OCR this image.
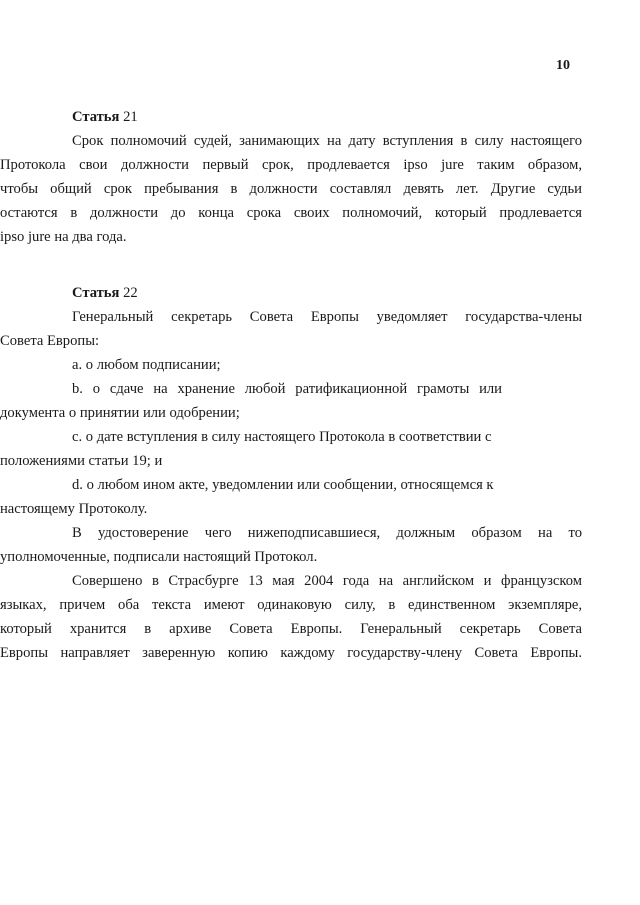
10
Статья 21
Срок полномочий судей, занимающих на дату вступления в силу настоящего
Протокола свои должности первый срок, продлевается ipso jure таким образом,
чтобы общий срок пребывания в должности составлял девять лет. Другие судьи
остаются в должности до конца срока своих полномочий, который продлевается
ipso jure на два года.
Статья 22
Генеральный секретарь Совета Европы уведомляет государства-члены
Совета Европы:
а. о любом подписании;
b. о сдаче на хранение любой ратификационной грамоты или
документа о принятии или одобрении;
с. о дате вступления в силу настоящего Протокола в соответствии с
положениями статьи 19; и
d. о любом ином акте, уведомлении или сообщении, относящемся к
настоящему Протоколу.
В удостоверение чего нижеподписавшиеся, должным образом на то
уполномоченные, подписали настоящий Протокол.
Совершено в Страсбурге 13 мая 2004 года на английском и французском
языках, причем оба текста имеют одинаковую силу, в единственном экземпляре,
который хранится в архиве Совета Европы. Генеральный секретарь Совета
Европы направляет заверенную копию каждому государству-члену Совета Европы.
